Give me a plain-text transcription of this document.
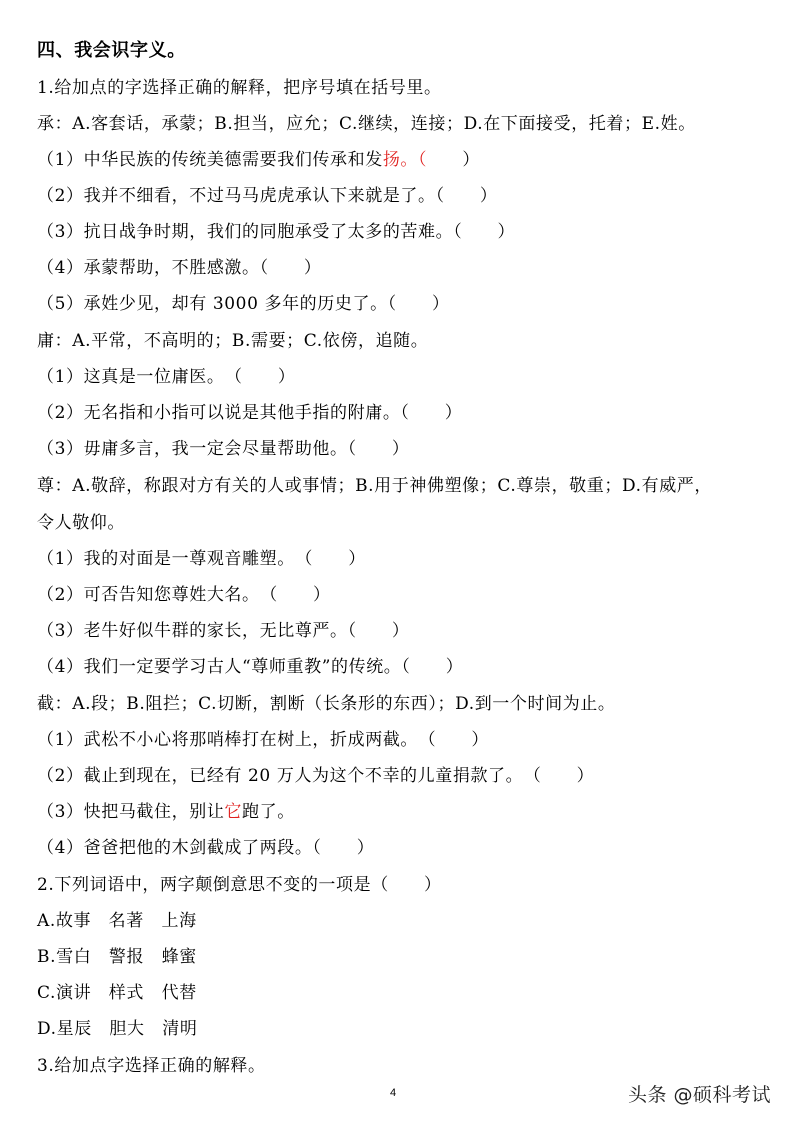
四、我会识字义。
1.给加点的字选择正确的解释，把序号填在括号里。
承：A.客套话，承蒙；B.担当，应允；C.继续，连接；D.在下面接受，托着；E.姓。
（1）中华民族的传统美德需要我们传承和发扬。（　　）
（2）我并不细看，不过马马虎虎承认下来就是了。（　　）
（3）抗日战争时期，我们的同胞承受了太多的苦难。（　　）
（4）承蒙帮助，不胜感激。（　　）
（5）承姓少见，却有 3000 多年的历史了。（　　）
庸：A.平常，不高明的；B.需要；C.依傍，追随。
（1）这真是一位庸医。　（　　）
（2）无名指和小指可以说是其他手指的附庸。（　　）
（3）毋庸多言，我一定会尽量帮助他。（　　）
尊：A.敬辞，称跟对方有关的人或事情；B.用于神佛塑像；C.尊崇，敬重；D.有威严，
令人敬仰。
（1）我的对面是一尊观音雕塑。　（　　）
（2）可否告知您尊姓大名。　（　　）
（3）老牛好似牛群的家长，无比尊严。（　　）
（4）我们一定要学习古人“尊师重教”的传统。（　　）
截：A.段；B.阻拦；C.切断，割断（长条形的东西）；D.到一个时间为止。
（1）武松不小心将那哨棒打在树上，折成两截。　（　　）
（2）截止到现在，已经有 20 万人为这个不幸的儿童捐款了。　（　　）
（3）快把马截住，别让它跑了。
（4）爸爸把他的木剑截成了两段。（　　）
2.下列词语中，两字颠倒意思不变的一项是（　　）
A.故事　名著　上海
B.雪白　警报　蜂蜜
C.演讲　样式　代替
D.星辰　胆大　清明
3.给加点字选择正确的解释。
4	头条 @硕科考试
